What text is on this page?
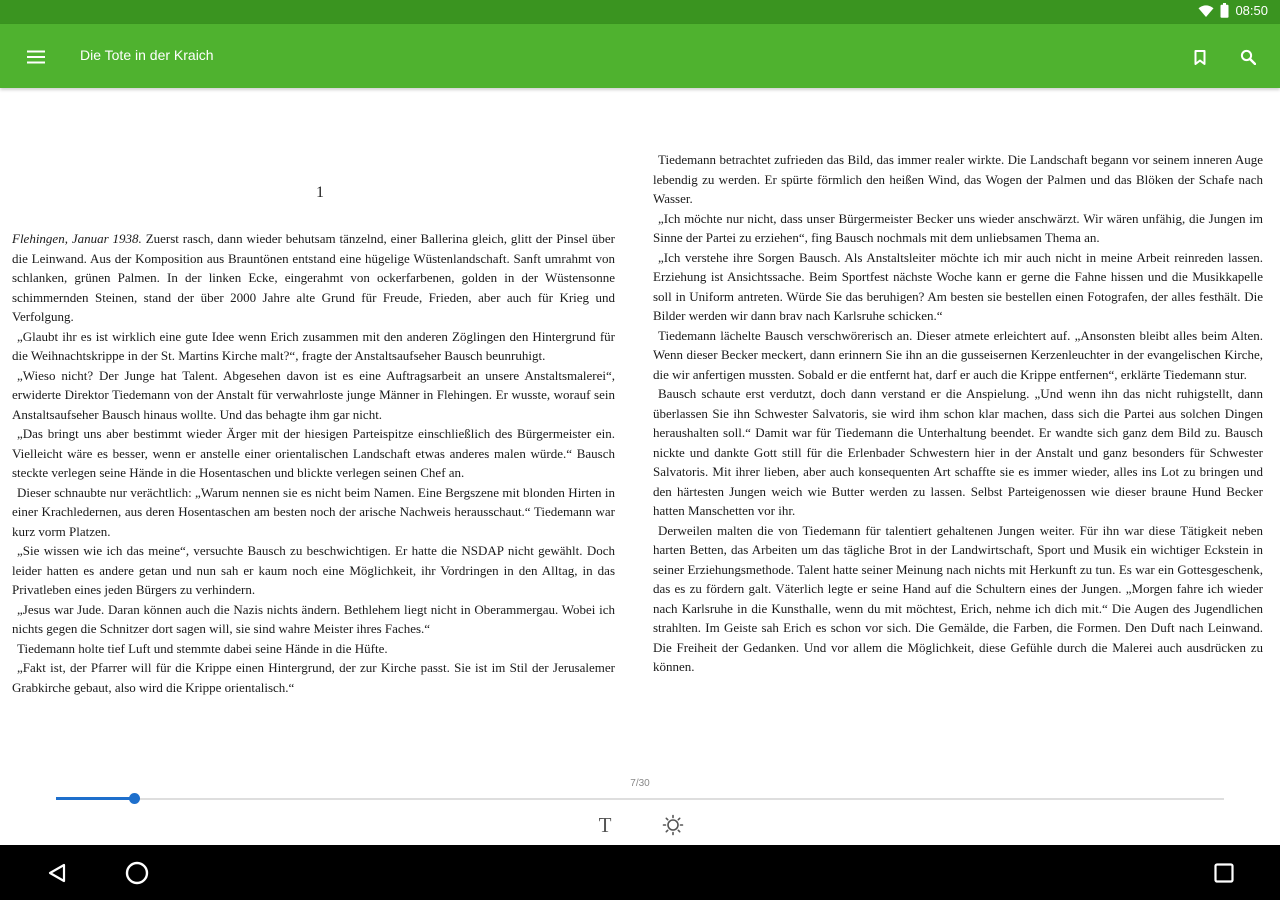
08:50
Die Tote in der Kraich
1

Flehingen, Januar 1938. Zuerst rasch, dann wieder behutsam tänzelnd, einer Ballerina gleich, glitt der Pinsel über die Leinwand. Aus der Komposition aus Brauntönen entstand eine hügelige Wüstenlandschaft. Sanft umrahmt von schlanken, grünen Palmen. In der linken Ecke, eingerahmt von ockerfarbenen, golden in der Wüstensonne schimmernden Steinen, stand der über 2000 Jahre alte Grund für Freude, Frieden, aber auch für Krieg und Verfolgung.

„Glaubt ihr es ist wirklich eine gute Idee wenn Erich zusammen mit den anderen Zöglingen den Hintergrund für die Weihnachtskrippe in der St. Martins Kirche malt?“, fragte der Anstaltsaufseher Bausch beunruhigt.

„Wieso nicht? Der Junge hat Talent. Abgesehen davon ist es eine Auftragsarbeit an unsere Anstaltsmalerei“, erwiderte Direktor Tiedemann von der Anstalt für verwahrloste junge Männer in Flehingen. Er wusste, worauf sein Anstaltsaufseher Bausch hinaus wollte. Und das behagte ihm gar nicht.

„Das bringt uns aber bestimmt wieder Ärger mit der hiesigen Parteispitze einschließlich des Bürgermeister ein. Vielleicht wäre es besser, wenn er anstelle einer orientalischen Landschaft etwas anderes malen würde.“ Bausch steckte verlegen seine Hände in die Hosentaschen und blickte verlegen seinen Chef an.

Dieser schnaubte nur verächtlich: „Warum nennen sie es nicht beim Namen. Eine Bergszene mit blonden Hirten in einer Krachledernen, aus deren Hosentaschen am besten noch der arische Nachweis herausschaut.“ Tiedemann war kurz vorm Platzen.

„Sie wissen wie ich das meine“, versuchte Bausch zu beschwichtigen. Er hatte die NSDAP nicht gewählt. Doch leider hatten es andere getan und nun sah er kaum noch eine Möglichkeit, ihr Vordringen in den Alltag, in das Privatleben eines jeden Bürgers zu verhindern.

„Jesus war Jude. Daran können auch die Nazis nichts ändern. Bethlehem liegt nicht in Oberammergau. Wobei ich nichts gegen die Schnitzer dort sagen will, sie sind wahre Meister ihres Faches.“

Tiedemann holte tief Luft und stemmte dabei seine Hände in die Hüfte.

„Fakt ist, der Pfarrer will für die Krippe einen Hintergrund, der zur Kirche passt. Sie ist im Stil der Jerusalemer Grabkirche gebaut, also wird die Krippe orientalisch.“

Tiedemann betrachtet zufrieden das Bild, das immer realer wirkte. Die Landschaft begann vor seinem inneren Auge lebendig zu werden. Er spürte förmlich den heißen Wind, das Wogen der Palmen und das Blöken der Schafe nach Wasser.

„Ich möchte nur nicht, dass unser Bürgermeister Becker uns wieder anschwärzt. Wir wären unfähig, die Jungen im Sinne der Partei zu erziehen“, fing Bausch nochmals mit dem unliebsamen Thema an.

„Ich verstehe ihre Sorgen Bausch. Als Anstaltsleiter möchte ich mir auch nicht in meine Arbeit reinreden lassen. Erziehung ist Ansichtssache. Beim Sportfest nächste Woche kann er gerne die Fahne hissen und die Musikkapelle soll in Uniform antreten. Würde Sie das beruhigen? Am besten sie bestellen einen Fotografen, der alles festhält. Die Bilder werden wir dann brav nach Karlsruhe schicken.“

Tiedemann lächelte Bausch verschwörerisch an. Dieser atmete erleichtert auf. „Ansonsten bleibt alles beim Alten. Wenn dieser Becker meckert, dann erinnern Sie ihn an die gusseisernen Kerzenleuchter in der evangelischen Kirche, die wir anfertigen mussten. Sobald er die entfernt hat, darf er auch die Krippe entfernen“, erklärte Tiedemann stur.

Bausch schaute erst verdutzt, doch dann verstand er die Anspielung. „Und wenn ihn das nicht ruhigstellt, dann überlassen Sie ihn Schwester Salvatoris, sie wird ihm schon klar machen, dass sich die Partei aus solchen Dingen heraushalten soll.“ Damit war für Tiedemann die Unterhaltung beendet. Er wandte sich ganz dem Bild zu. Bausch nickte und dankte Gott still für die Erlenbader Schwestern hier in der Anstalt und ganz besonders für Schwester Salvatoris. Mit ihrer lieben, aber auch konsequenten Art schaffte sie es immer wieder, alles ins Lot zu bringen und den härtesten Jungen weich wie Butter werden zu lassen. Selbst Parteigenossen wie dieser braune Hund Becker hatten Manschetten vor ihr.

Derweilen malten die von Tiedemann für talentiert gehaltenen Jungen weiter. Für ihn war diese Tätigkeit neben harten Betten, das Arbeiten um das tägliche Brot in der Landwirtschaft, Sport und Musik ein wichtiger Eckstein in seiner Erziehungsmethode. Talent hatte seiner Meinung nach nichts mit Herkunft zu tun. Es war ein Gottesgeschenk, das es zu fördern galt. Väterlich legte er seine Hand auf die Schultern eines der Jungen. „Morgen fahre ich wieder nach Karlsruhe in die Kunsthalle, wenn du mit möchtest, Erich, nehme ich dich mit.“ Die Augen des Jugendlichen strahlten. Im Geiste sah Erich es schon vor sich. Die Gemälde, die Farben, die Formen. Den Duft nach Leinwand. Die Freiheit der Gedanken. Und vor allem die Möglichkeit, diese Gefühle durch die Malerei auch ausdrücken zu können.

7/30
T
